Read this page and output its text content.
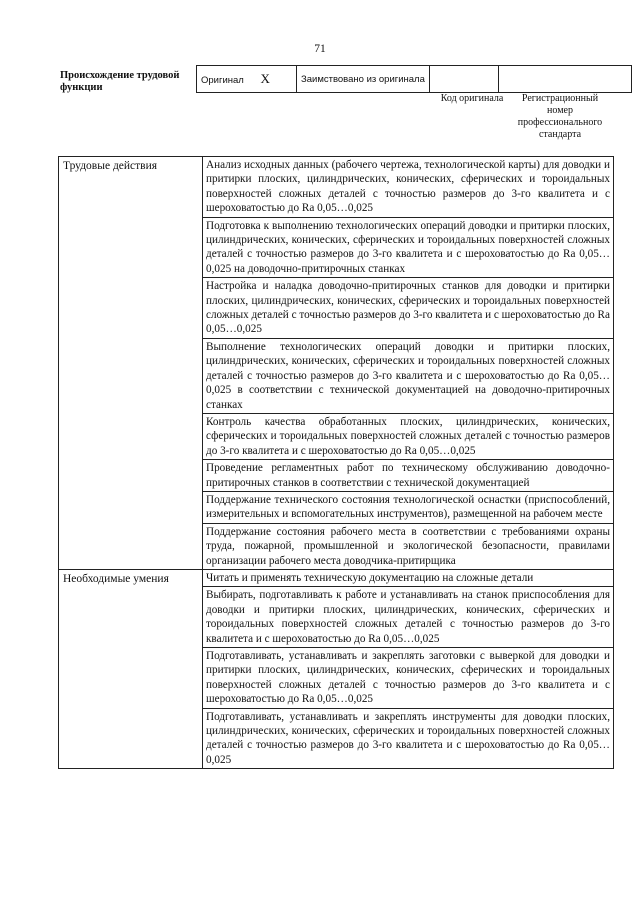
71
Происхождение трудовой функции
Оригинал X	Заимствовано из оригинала		
Код оригинала	Регистрационный номер профессионального стандарта
Трудовые действия	Анализ исходных данных (рабочего чертежа, технологической карты) для доводки и притирки плоских, цилиндрических, конических, сферических и тороидальных поверхностей сложных деталей с точностью размеров до 3-го квалитета и с шероховатостью до Ra 0,05…0,025
	Подготовка к выполнению технологических операций доводки и притирки плоских, цилиндрических, конических, сферических и тороидальных поверхностей сложных деталей с точностью размеров до 3-го квалитета и с шероховатостью до Ra 0,05…0,025 на доводочно-притирочных станках
	Настройка и наладка доводочно-притирочных станков для доводки и притирки плоских, цилиндрических, конических, сферических и тороидальных поверхностей сложных деталей с точностью размеров до 3-го квалитета и с шероховатостью до Ra 0,05…0,025
	Выполнение технологических операций доводки и притирки плоских, цилиндрических, конических, сферических и тороидальных поверхностей сложных деталей с точностью размеров до 3-го квалитета и с шероховатостью до Ra 0,05…0,025 в соответствии с технической документацией на доводочно-притирочных станках
	Контроль качества обработанных плоских, цилиндрических, конических, сферических и тороидальных поверхностей сложных деталей с точностью размеров до 3-го квалитета и с шероховатостью до Ra 0,05…0,025
	Проведение регламентных работ по техническому обслуживанию доводочно-притирочных станков в соответствии с технической документацией
	Поддержание технического состояния технологической оснастки (приспособлений, измерительных и вспомогательных инструментов), размещенной на рабочем месте
	Поддержание состояния рабочего места в соответствии с требованиями охраны труда, пожарной, промышленной и экологической безопасности, правилами организации рабочего места доводчика-притирщика
Необходимые умения	Читать и применять техническую документацию на сложные детали
	Выбирать, подготавливать к работе и устанавливать на станок приспособления для доводки и притирки плоских, цилиндрических, конических, сферических и тороидальных поверхностей сложных деталей с точностью размеров до 3-го квалитета и с шероховатостью до Ra 0,05…0,025
	Подготавливать, устанавливать и закреплять заготовки с выверкой для доводки и притирки плоских, цилиндрических, конических, сферических и тороидальных поверхностей сложных деталей с точностью размеров до 3-го квалитета и с шероховатостью до Ra 0,05…0,025
	Подготавливать, устанавливать и закреплять инструменты для доводки плоских, цилиндрических, конических, сферических и тороидальных поверхностей сложных деталей с точностью размеров до 3-го квалитета и с шероховатостью до Ra 0,05…0,025
